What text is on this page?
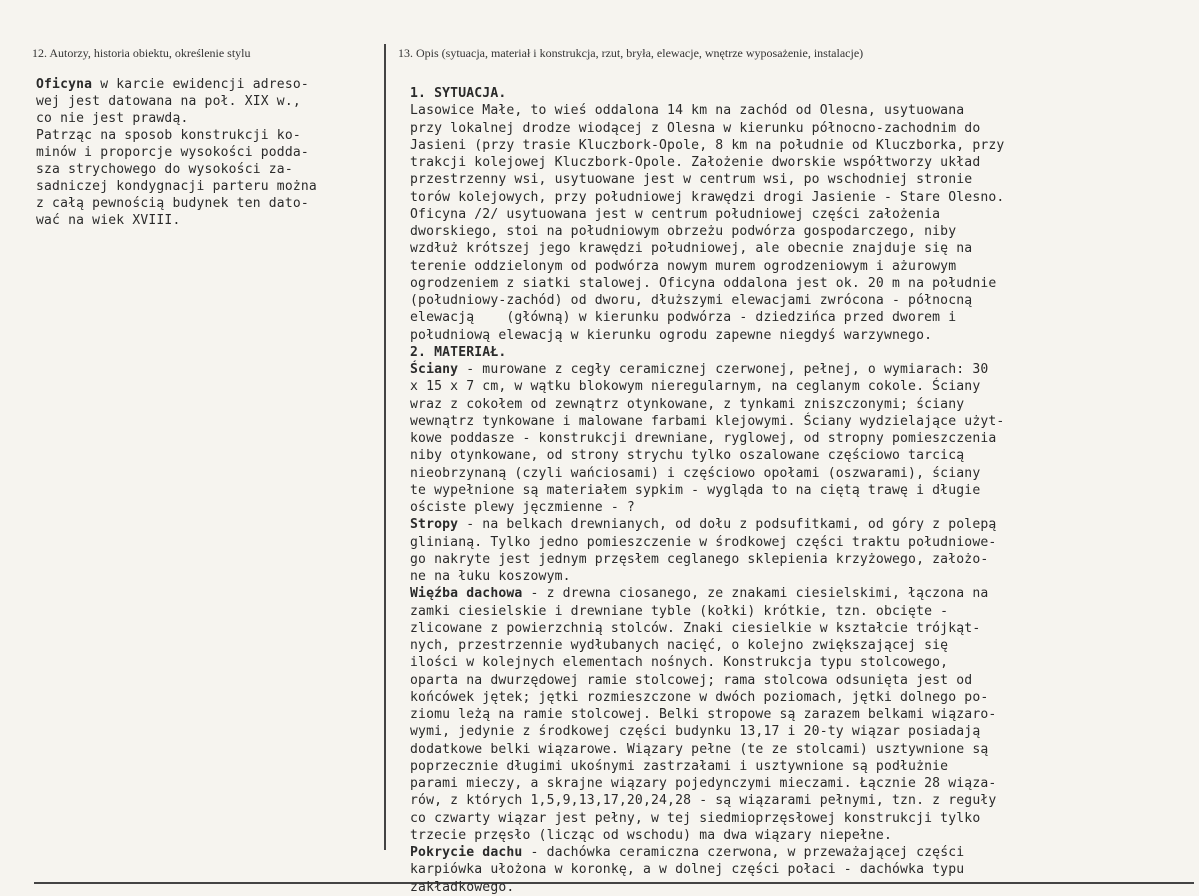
12. Autorzy, historia obiektu, określenie stylu	13. Opis (sytuacja, materiał i konstrukcja, rzut, bryła, elewacje, wnętrze wyposażenie, instalacje)
Oficyna w karcie ewidencji adreso-
wej jest datowana na poł. XIX w.,
co nie jest prawdą.
Patrząc na sposob konstrukcji ko-
minów i proporcje wysokości podda-
sza strychowego do wysokości za-
sadniczej kondygnacji parteru można
z całą pewnością budynek ten dato-
wać na wiek XVIII.
1. SYTUACJA.
Lasowice Małe, to wieś oddalona 14 km na zachód od Olesna, usytuowana
przy lokalnej drodze wiodącej z Olesna w kierunku północno-zachodnim do
Jasieni (przy trasie Kluczbork-Opole, 8 km na południe od Kluczborka, przy
trakcji kolejowej Kluczbork-Opole. Założenie dworskie współtworzy układ
przestrzenny wsi, usytuowane jest w centrum wsi, po wschodniej stronie
torów kolejowych, przy południowej krawędzi drogi Jasienie - Stare Olesno.
Oficyna /2/ usytuowana jest w centrum południowej części założenia
dworskiego, stoi na południowym obrzeżu podwórza gospodarczego, niby
wzdłuż krótszej jego krawędzi południowej, ale obecnie znajduje się na
terenie oddzielonym od podwórza nowym murem ogrodzeniowym i ażurowym
ogrodzeniem z siatki stalowej. Oficyna oddalona jest ok. 20 m na południe
(południowy-zachód) od dworu, dłuższymi elewacjami zwrócona - północną
elewacją    (główną) w kierunku podwórza - dziedzińca przed dworem i
południową elewacją w kierunku ogrodu zapewne niegdyś warzywnego.
2. MATERIAŁ.
Ściany - murowane z cegły ceramicznej czerwonej, pełnej, o wymiarach: 30
x 15 x 7 cm, w wątku blokowym nieregularnym, na ceglanym cokole. Ściany
wraz z cokołem od zewnątrz otynkowane, z tynkami zniszczonymi; ściany
wewnątrz tynkowane i malowane farbami klejowymi. Ściany wydzielające użyt-
kowe poddasze - konstrukcji drewniane, ryglowej, od stropny pomieszczenia
niby otynkowane, od strony strychu tylko oszalowane częściowo tarcicą
nieobrzynaną (czyli wańciosami) i częściowo opołami (oszwarami), ściany
te wypełnione są materiałem sypkim - wygląda to na ciętą trawę i długie
ościste plewy jęczmienne - ?
Stropy - na belkach drewnianych, od dołu z podsufitkami, od góry z polepą
glinianą. Tylko jedno pomieszczenie w środkowej części traktu południowe-
go nakryte jest jednym przęsłem ceglanego sklepienia krzyżowego, założo-
ne na łuku koszowym.
Więźba dachowa - z drewna ciosanego, ze znakami ciesielskimi, łączona na
zamki ciesielskie i drewniane tyble (kołki) krótkie, tzn. obcięte -
zlicowane z powierzchnią stolców. Znaki ciesielkie w kształcie trójkąt-
nych, przestrzennie wydłubanych nacięć, o kolejno zwiększającej się
ilości w kolejnych elementach nośnych. Konstrukcja typu stolcowego,
oparta na dwurzędowej ramie stolcowej; rama stolcowa odsunięta jest od
końcówek jętek; jętki rozmieszczone w dwóch poziomach, jętki dolnego po-
ziomu leżą na ramie stolcowej. Belki stropowe są zarazem belkami wiązaro-
wymi, jedynie z środkowej części budynku 13,17 i 20-ty wiązar posiadają
dodatkowe belki wiązarowe. Wiązary pełne (te ze stolcami) usztywnione są
poprzecznie długimi ukośnymi zastrzałami i usztywnione są podłużnie
parami mieczy, a skrajne wiązary pojedynczymi mieczami. Łącznie 28 wiąza-
rów, z których 1,5,9,13,17,20,24,28 - są wiązarami pełnymi, tzn. z reguły
co czwarty wiązar jest pełny, w tej siedmioprzęsłowej konstrukcji tylko
trzecie przęsło (licząc od wschodu) ma dwa wiązary niepełne.
Pokrycie dachu - dachówka ceramiczna czerwona, w przeważającej części
karpiówka ułożona w koronkę, a w dolnej części połaci - dachówka typu
zakładkowego.
